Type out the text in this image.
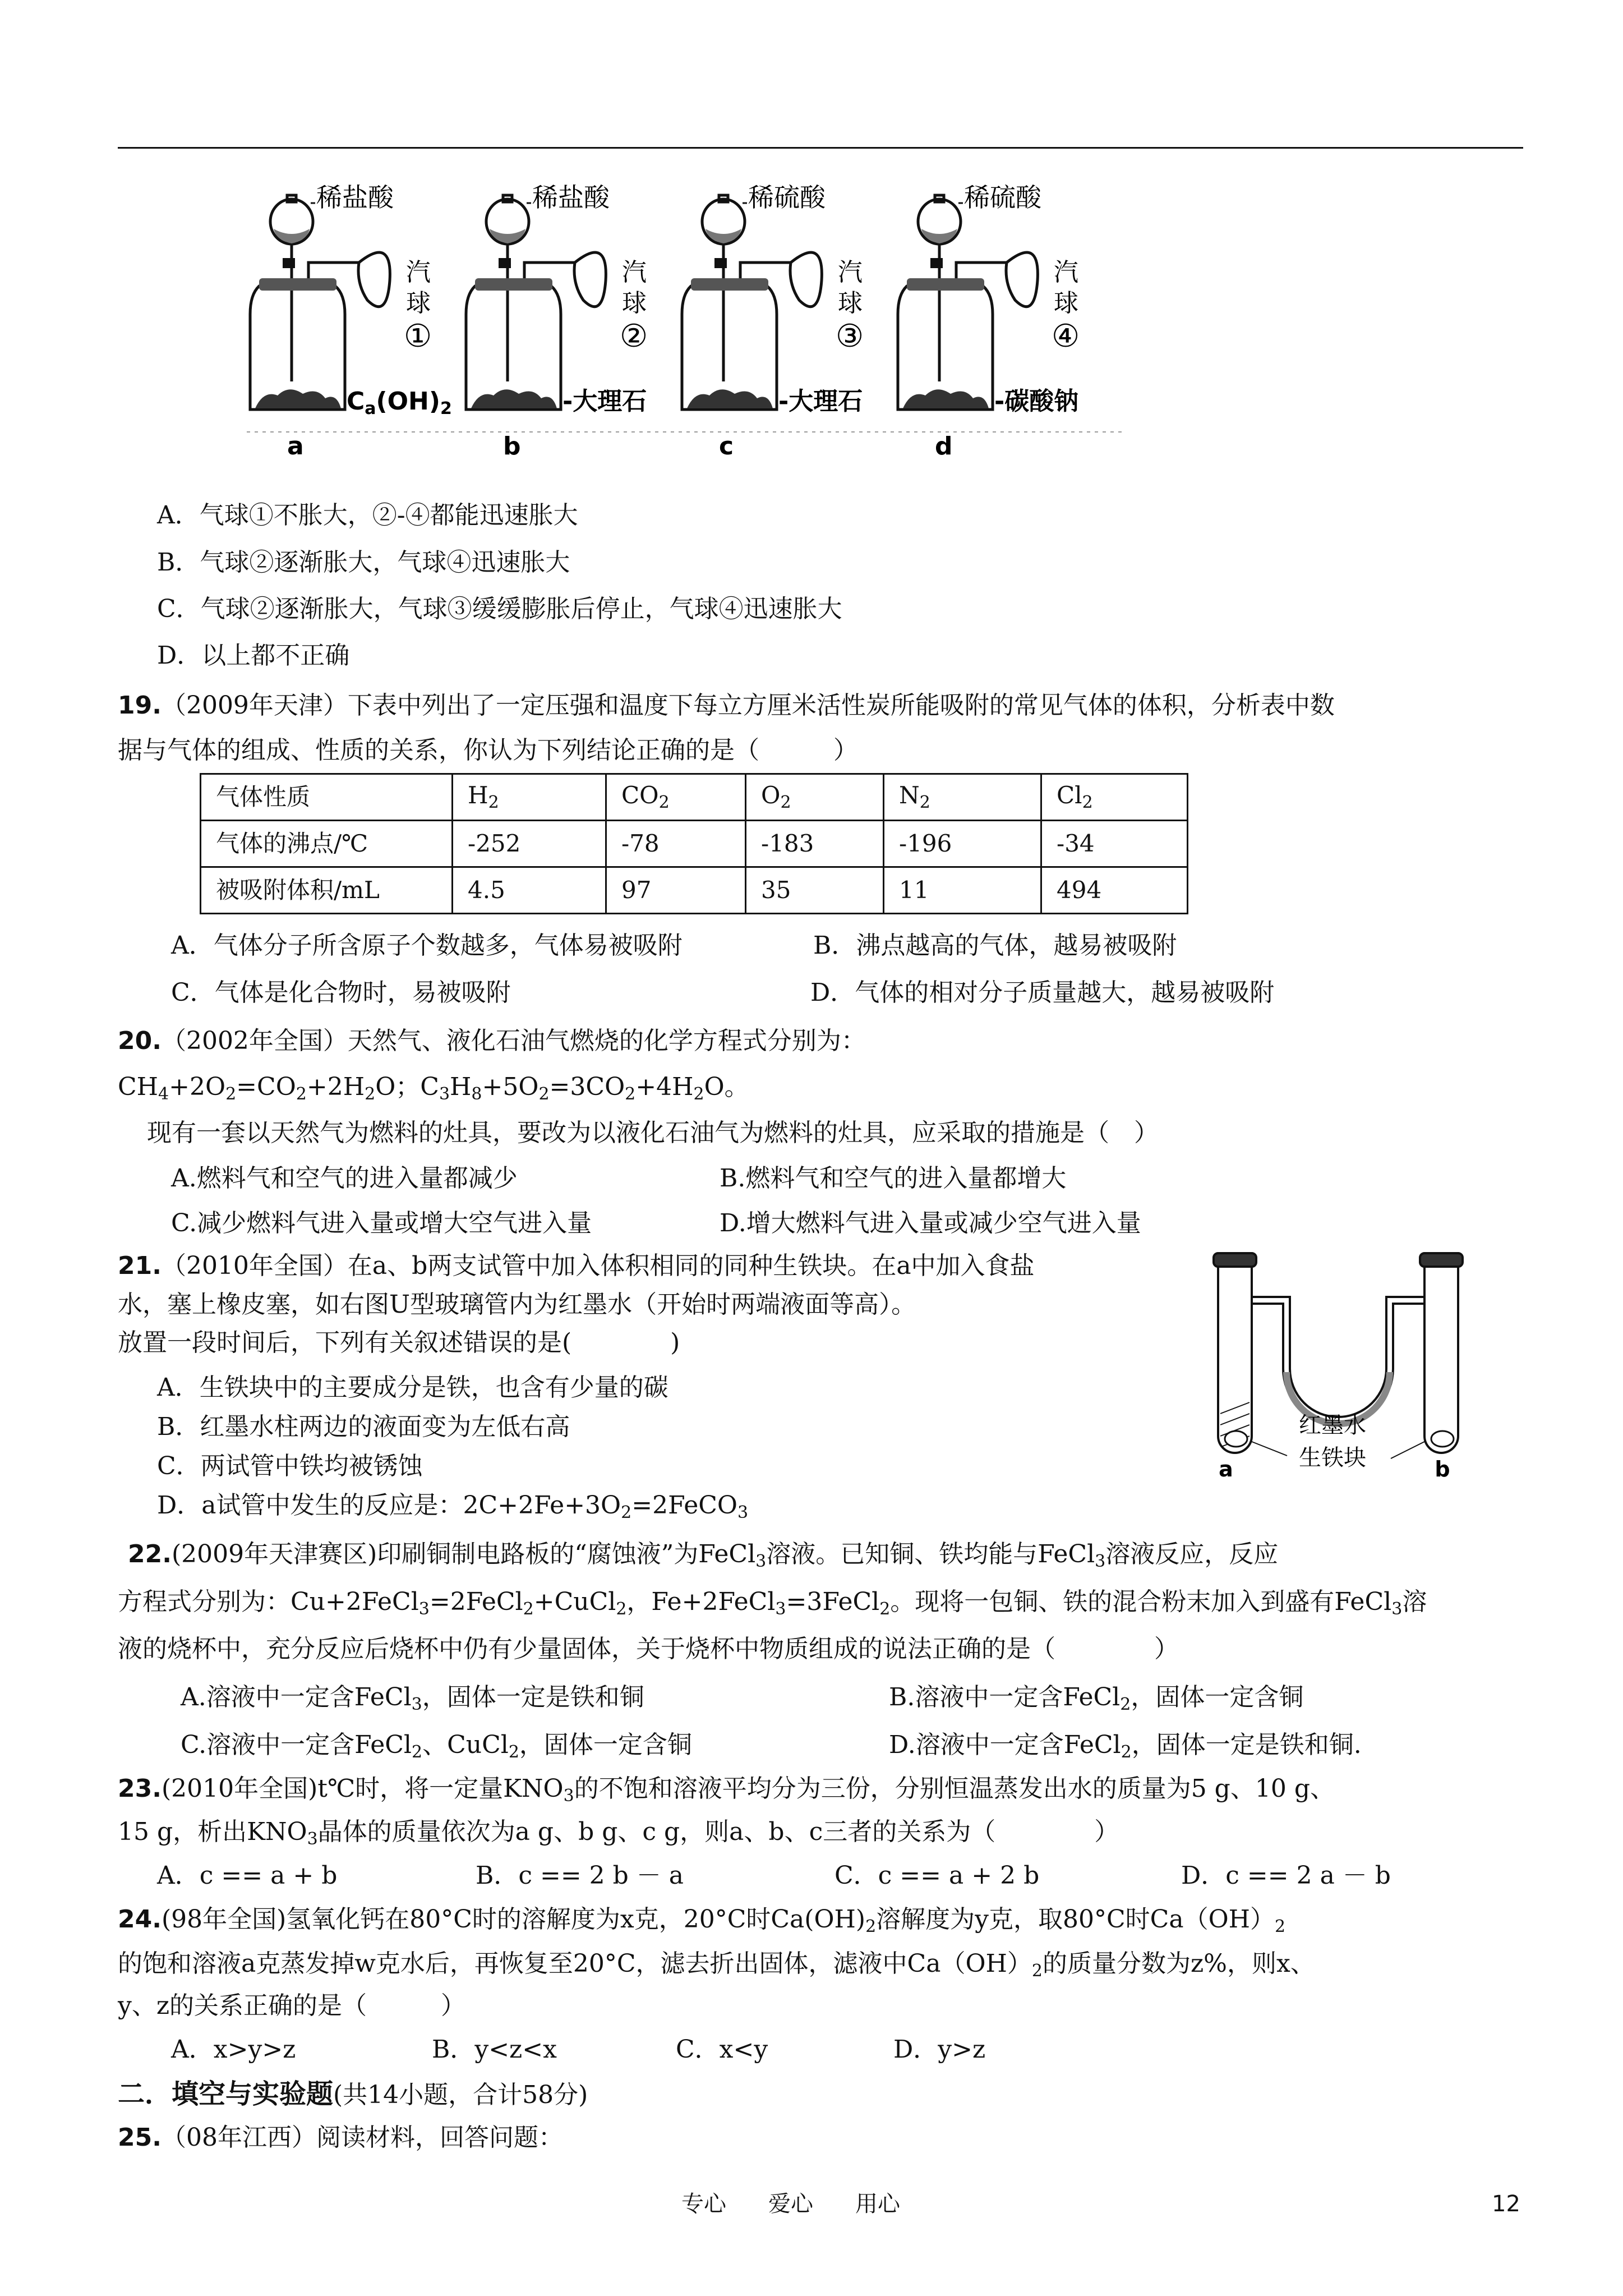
稀盐酸
汽
球
①
Ca(OH)2
a
稀盐酸
汽
球
②
-大理石
b
稀硫酸
汽
球
③
-大理石
c
稀硫酸
汽
球
④
-碳酸钠
d
A．气球①不胀大，②-④都能迅速胀大
B．气球②逐渐胀大，气球④迅速胀大
C．气球②逐渐胀大，气球③缓缓膨胀后停止，气球④迅速胀大
D．以上都不正确
19.（2009年天津）下表中列出了一定压强和温度下每立方厘米活性炭所能吸附的常见气体的体积，分析表中数
据与气体的组成、性质的关系，你认为下列结论正确的是（　　　）
气体性质	$H_2$	$CO_2$	$O_2$	$N_2$	$Cl_2$
气体的沸点/℃	-252	-78	-183	-196	-34
被吸附体积/mL	4.5	97	35	11	494
A．气体分子所含原子个数越多，气体易被吸附	B．沸点越高的气体，越易被吸附
C．气体是化合物时，易被吸附	D．气体的相对分子质量越大，越易被吸附
20.（2002年全国）天然气、液化石油气燃烧的化学方程式分别为：
$CH_4+2O_2=CO_2+2H_2O$；$C_3H_8+5O_2=3CO_2+4H_2O$。
现有一套以天然气为燃料的灶具，要改为以液化石油气为燃料的灶具，应采取的措施是（　）
A.燃料气和空气的进入量都减少	B.燃料气和空气的进入量都增大
C.减少燃料气进入量或增大空气进入量	D.增大燃料气进入量或减少空气进入量
21.（2010年全国）在a、b两支试管中加入体积相同的同种生铁块。在a中加入食盐
水，塞上橡皮塞，如右图U型玻璃管内为红墨水（开始时两端液面等高）。
放置一段时间后，下列有关叙述错误的是(　　　　)
A．生铁块中的主要成分是铁，也含有少量的碳
B．红墨水柱两边的液面变为左低右高
C．两试管中铁均被锈蚀
D．a试管中发生的反应是：$2C+2Fe+3O_2=2FeCO_3$
红墨水
生铁块
a	b
22.(2009年天津赛区)印刷铜制电路板的“腐蚀液”为FeCl$_3$溶液。已知铜、铁均能与FeCl$_3$溶液反应，反应
方程式分别为：Cu+2FeCl$_3$=2FeCl$_2$+CuCl$_2$，Fe+2FeCl$_3$=3FeCl$_2$。现将一包铜、铁的混合粉末加入到盛有FeCl$_3$溶
液的烧杯中，充分反应后烧杯中仍有少量固体，关于烧杯中物质组成的说法正确的是（　　　　）
A.溶液中一定含FeCl$_3$，固体一定是铁和铜	B.溶液中一定含FeCl$_2$，固体一定含铜
C.溶液中一定含FeCl$_2$、CuCl$_2$，固体一定含铜	D.溶液中一定含FeCl$_2$，固体一定是铁和铜.
23.(2010年全国)t℃时，将一定量$KNO_3$的不饱和溶液平均分为三份，分别恒温蒸发出水的质量为5 g、10 g、
15 g，析出$KNO_3$晶体的质量依次为a g、b g、c g，则a、b、c三者的关系为（　　　　）
A．c == a + b	B．c == 2 b － a	C．c == a + 2 b	D．c == 2 a － b
24.(98年全国)氢氧化钙在80°C时的溶解度为x克，20°C时$Ca(OH)_2$溶解度为y克，取80°C时$Ca(OH)_2$
的饱和溶液a克蒸发掉w克水后，再恢复至20°C，滤去折出固体，滤液中$Ca(OH)_2$的质量分数为z%，则x、
y、z的关系正确的是（　　　）
A．x>y>z	B．y<z<x	C．x<y	D．y>z
二．填空与实验题(共14小题，合计58分)
25.（08年江西）阅读材料，回答问题：
专心 爱心 用心	12
